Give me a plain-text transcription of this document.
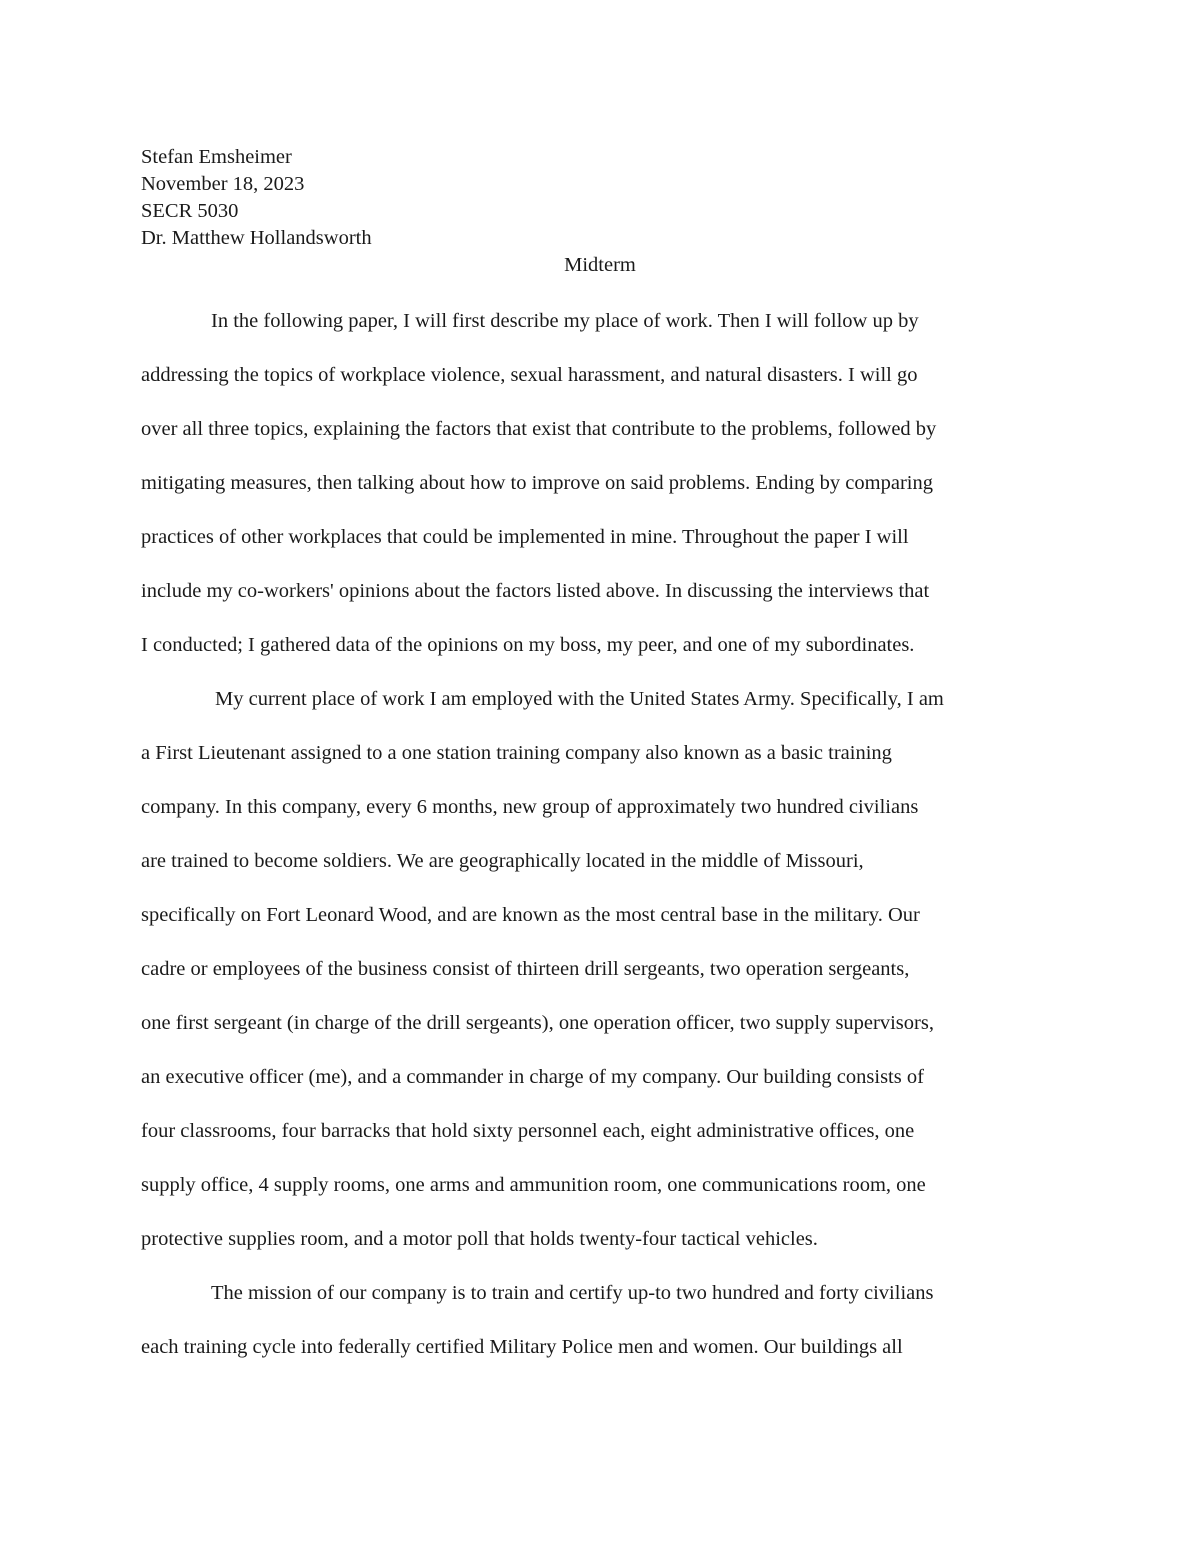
Stefan Emsheimer
November 18, 2023
SECR 5030
Dr. Matthew Hollandsworth
Midterm
In the following paper, I will first describe my place of work. Then I will follow up by
addressing the topics of workplace violence, sexual harassment, and natural disasters. I will go
over all three topics, explaining the factors that exist that contribute to the problems, followed by
mitigating measures, then talking about how to improve on said problems. Ending by comparing
practices of other workplaces that could be implemented in mine. Throughout the paper I will
include my co-workers' opinions about the factors listed above. In discussing the interviews that
I conducted; I gathered data of the opinions on my boss, my peer, and one of my subordinates.
My current place of work I am employed with the United States Army. Specifically, I am
a First Lieutenant assigned to a one station training company also known as a basic training
company. In this company, every 6 months, new group of approximately two hundred civilians
are trained to become soldiers. We are geographically located in the middle of Missouri,
specifically on Fort Leonard Wood, and are known as the most central base in the military. Our
cadre or employees of the business consist of thirteen drill sergeants, two operation sergeants,
one first sergeant (in charge of the drill sergeants), one operation officer, two supply supervisors,
an executive officer (me), and a commander in charge of my company. Our building consists of
four classrooms, four barracks that hold sixty personnel each, eight administrative offices, one
supply office, 4 supply rooms, one arms and ammunition room, one communications room, one
protective supplies room, and a motor poll that holds twenty-four tactical vehicles.
The mission of our company is to train and certify up-to two hundred and forty civilians
each training cycle into federally certified Military Police men and women. Our buildings all
